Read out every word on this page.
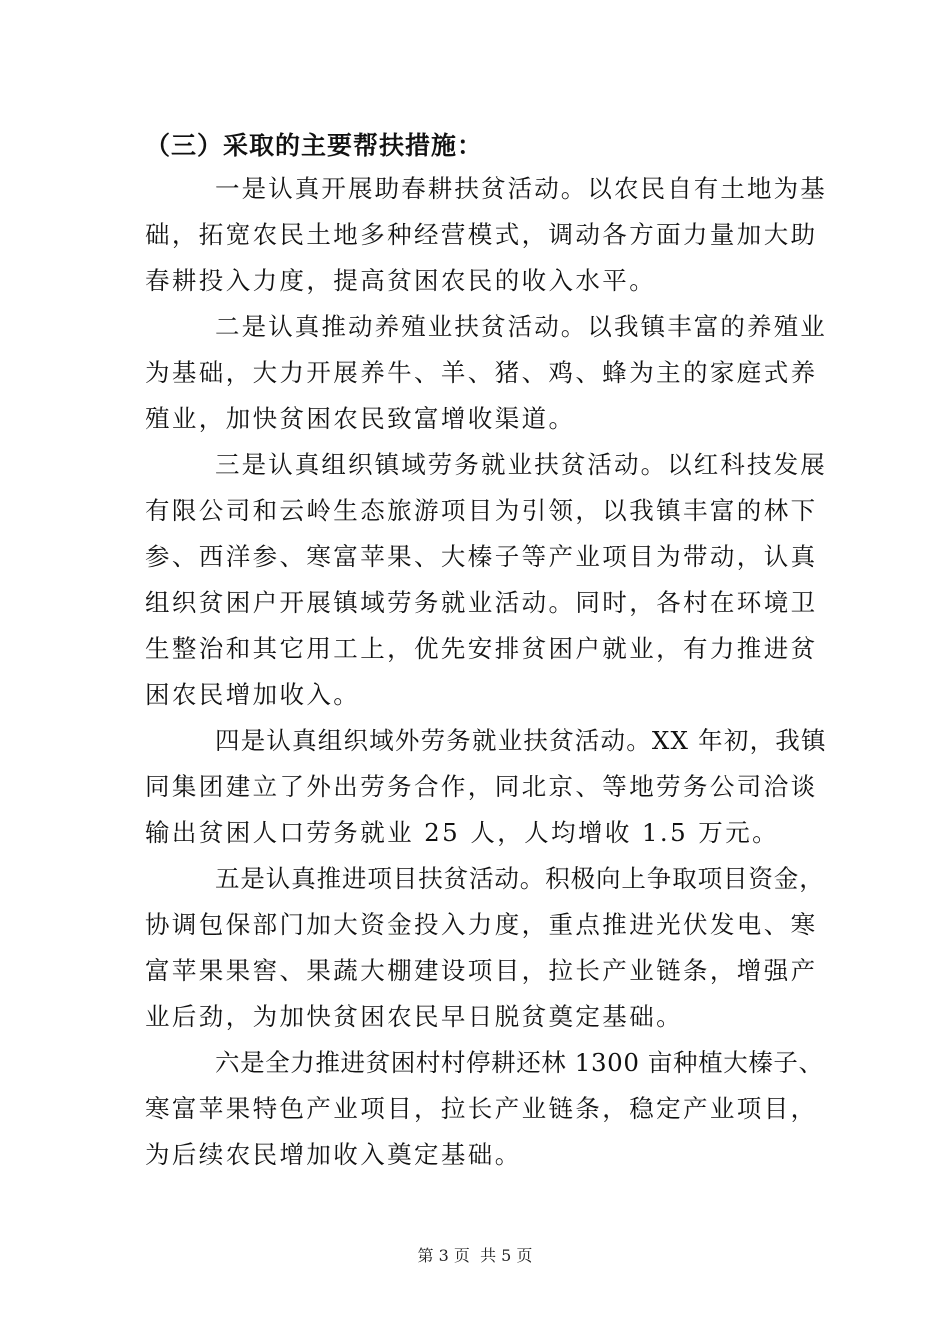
（三）采取的主要帮扶措施：
一是认真开展助春耕扶贫活动。以农民自有土地为基
础，拓宽农民土地多种经营模式，调动各方面力量加大助
春耕投入力度，提高贫困农民的收入水平。
二是认真推动养殖业扶贫活动。以我镇丰富的养殖业
为基础，大力开展养牛、羊、猪、鸡、蜂为主的家庭式养
殖业，加快贫困农民致富增收渠道。
三是认真组织镇域劳务就业扶贫活动。以红科技发展
有限公司和云岭生态旅游项目为引领，以我镇丰富的林下
参、西洋参、寒富苹果、大榛子等产业项目为带动，认真
组织贫困户开展镇域劳务就业活动。同时，各村在环境卫
生整治和其它用工上，优先安排贫困户就业，有力推进贫
困农民增加收入。
四是认真组织域外劳务就业扶贫活动。XX 年初，我镇
同集团建立了外出劳务合作，同北京、等地劳务公司洽谈
输出贫困人口劳务就业 25 人，人均增收 1.5 万元。
五是认真推进项目扶贫活动。积极向上争取项目资金，
协调包保部门加大资金投入力度，重点推进光伏发电、寒
富苹果果窖、果蔬大棚建设项目，拉长产业链条，增强产
业后劲，为加快贫困农民早日脱贫奠定基础。
六是全力推进贫困村村停耕还林 1300 亩种植大榛子、
寒富苹果特色产业项目，拉长产业链条，稳定产业项目，
为后续农民增加收入奠定基础。
第 3 页  共 5 页
